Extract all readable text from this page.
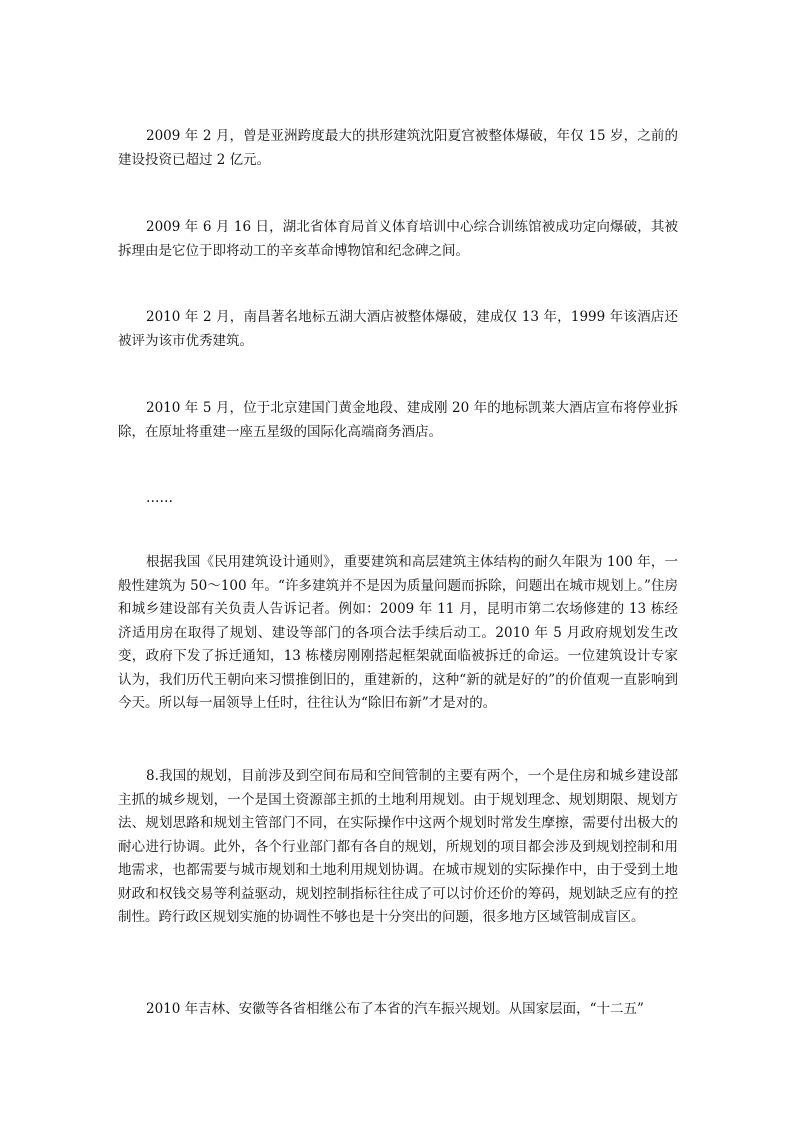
2009 年 2 月，曾是亚洲跨度最大的拱形建筑沈阳夏宫被整体爆破，年仅 15 岁，之前的建设投资已超过 2 亿元。

2009 年 6 月 16 日，湖北省体育局首义体育培训中心综合训练馆被成功定向爆破，其被拆理由是它位于即将动工的辛亥革命博物馆和纪念碑之间。

2010 年 2 月，南昌著名地标五湖大酒店被整体爆破，建成仅 13 年，1999 年该酒店还被评为该市优秀建筑。

2010 年 5 月，位于北京建国门黄金地段、建成刚 20 年的地标凯莱大酒店宣布将停业拆除，在原址将重建一座五星级的国际化高端商务酒店。

……

根据我国《民用建筑设计通则》，重要建筑和高层建筑主体结构的耐久年限为 100 年，一般性建筑为 50～100 年。“许多建筑并不是因为质量问题而拆除，问题出在城市规划上。”住房和城乡建设部有关负责人告诉记者。例如：2009 年 11 月，昆明市第二农场修建的 13 栋经济适用房在取得了规划、建设等部门的各项合法手续后动工。2010 年 5 月政府规划发生改变，政府下发了拆迁通知，13 栋楼房刚刚搭起框架就面临被拆迁的命运。一位建筑设计专家认为，我们历代王朝向来习惯推倒旧的，重建新的，这种“新的就是好的”的价值观一直影响到今天。所以每一届领导上任时，往往认为“除旧布新”才是对的。

8.我国的规划，目前涉及到空间布局和空间管制的主要有两个，一个是住房和城乡建设部主抓的城乡规划，一个是国土资源部主抓的土地利用规划。由于规划理念、规划期限、规划方法、规划思路和规划主管部门不同，在实际操作中这两个规划时常发生摩擦，需要付出极大的耐心进行协调。此外，各个行业部门都有各自的规划，所规划的项目都会涉及到规划控制和用地需求，也都需要与城市规划和土地利用规划协调。在城市规划的实际操作中，由于受到土地财政和权钱交易等利益驱动，规划控制指标往往成了可以讨价还价的筹码，规划缺乏应有的控制性。跨行政区规划实施的协调性不够也是十分突出的问题，很多地方区域管制成盲区。

2010 年吉林、安徽等各省相继公布了本省的汽车振兴规划。从国家层面，“十二五”
